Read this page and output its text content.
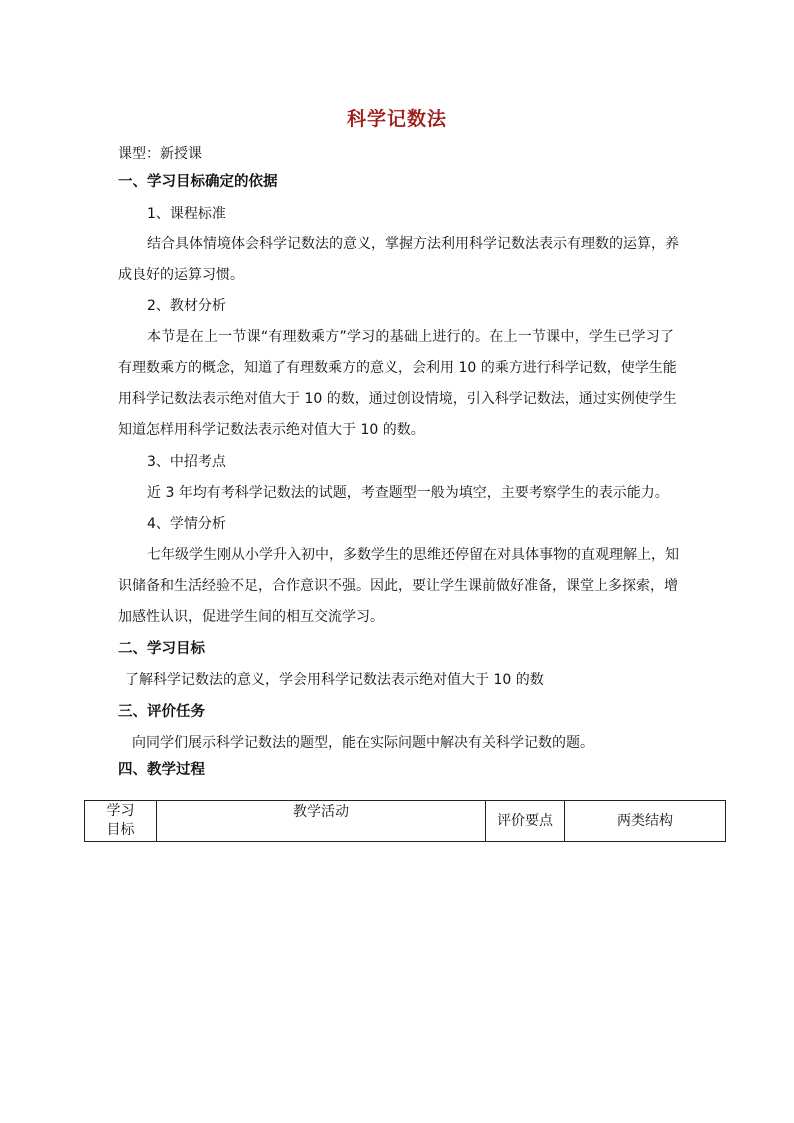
科学记数法
课型：新授课
一、学习目标确定的依据
1、课程标准
结合具体情境体会科学记数法的意义，掌握方法利用科学记数法表示有理数的运算，养
成良好的运算习惯。
2、教材分析
本节是在上一节课“有理数乘方”学习的基础上进行的。在上一节课中，学生已学习了
有理数乘方的概念，知道了有理数乘方的意义，会利用 10 的乘方进行科学记数，使学生能
用科学记数法表示绝对值大于 10 的数，通过创设情境，引入科学记数法，通过实例使学生
知道怎样用科学记数法表示绝对值大于 10 的数。
3、中招考点
近 3 年均有考科学记数法的试题，考查题型一般为填空，主要考察学生的表示能力。
4、学情分析
七年级学生刚从小学升入初中，多数学生的思维还停留在对具体事物的直观理解上，知
识储备和生活经验不足，合作意识不强。因此，要让学生课前做好准备，课堂上多探索，增
加感性认识，促进学生间的相互交流学习。
二、学习目标
了解科学记数法的意义，学会用科学记数法表示绝对值大于 10 的数
三、评价任务
向同学们展示科学记数法的题型，能在实际问题中解决有关科学记数的题。
四、教学过程
学习
目标	教学活动	评价要点	两类结构
